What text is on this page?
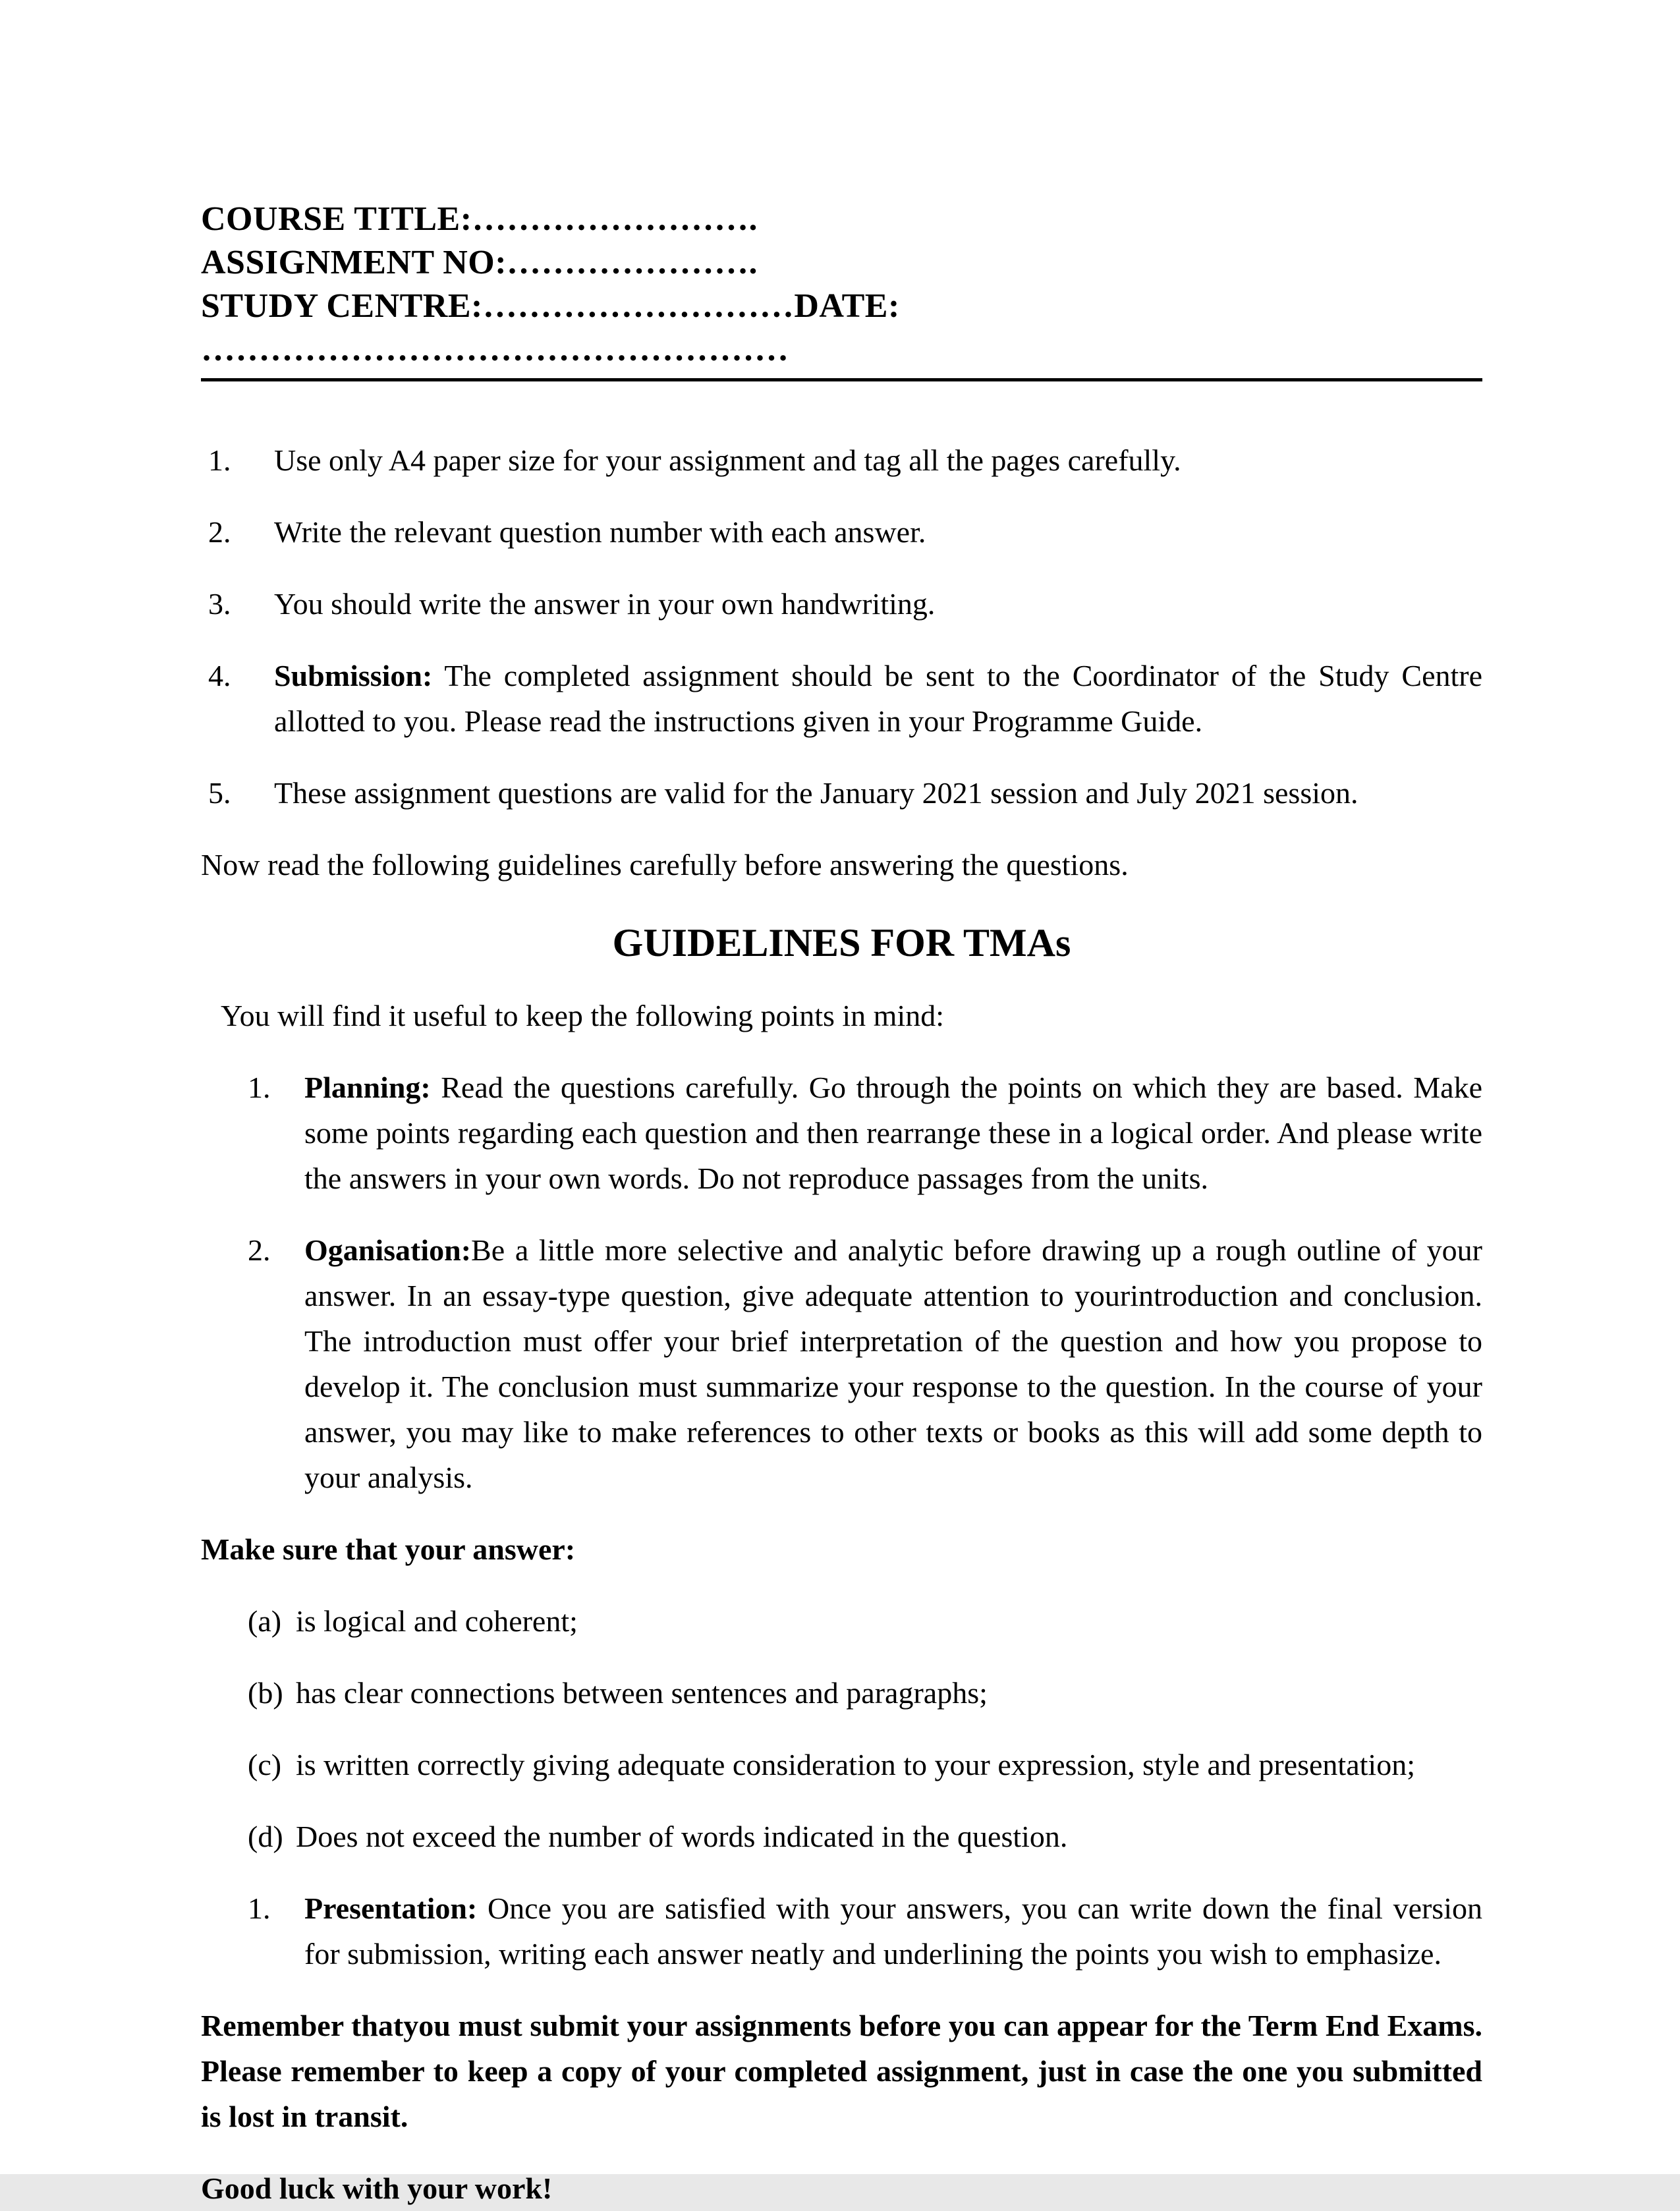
COURSE TITLE:…………………….
ASSIGNMENT NO:………………….
STUDY CENTRE:………………………DATE: ……………………………………………
1.	Use only A4 paper size for your assignment and tag all the pages carefully.
2.	Write the relevant question number with each answer.
3.	You should write the answer in your own handwriting.
4.	Submission: The completed assignment should be sent to the Coordinator of the Study Centre allotted to you. Please read the instructions given in your Programme Guide.
5.	These assignment questions are valid for the January 2021 session and July 2021 session.
Now read the following guidelines carefully before answering the questions.
GUIDELINES FOR TMAs
You will find it useful to keep the following points in mind:
1.	Planning: Read the questions carefully. Go through the points on which they are based. Make some points regarding each question and then rearrange these in a logical order. And please write the answers in your own words. Do not reproduce passages from the units.
2.	Oganisation:Be a little more selective and analytic before drawing up a rough outline of your answer. In an essay-type question, give adequate attention to yourintroduction and conclusion. The introduction must offer your brief interpretation of the question and how you propose to develop it. The conclusion must summarize your response to the question. In the course of your answer, you may like to make references to other texts or books as this will add some depth to your analysis.
Make sure that your answer:
(a) is logical and coherent;
(b) has clear connections between sentences and paragraphs;
(c) is written correctly giving adequate consideration to your expression, style and presentation;
(d) Does not exceed the number of words indicated in the question.
1.	Presentation: Once you are satisfied with your answers, you can write down the final version for submission, writing each answer neatly and underlining the points you wish to emphasize.
Remember thatyou must submit your assignments before you can appear for the Term End Exams. Please remember to keep a copy of your completed assignment, just in case the one you submitted is lost in transit.
Good luck with your work!
